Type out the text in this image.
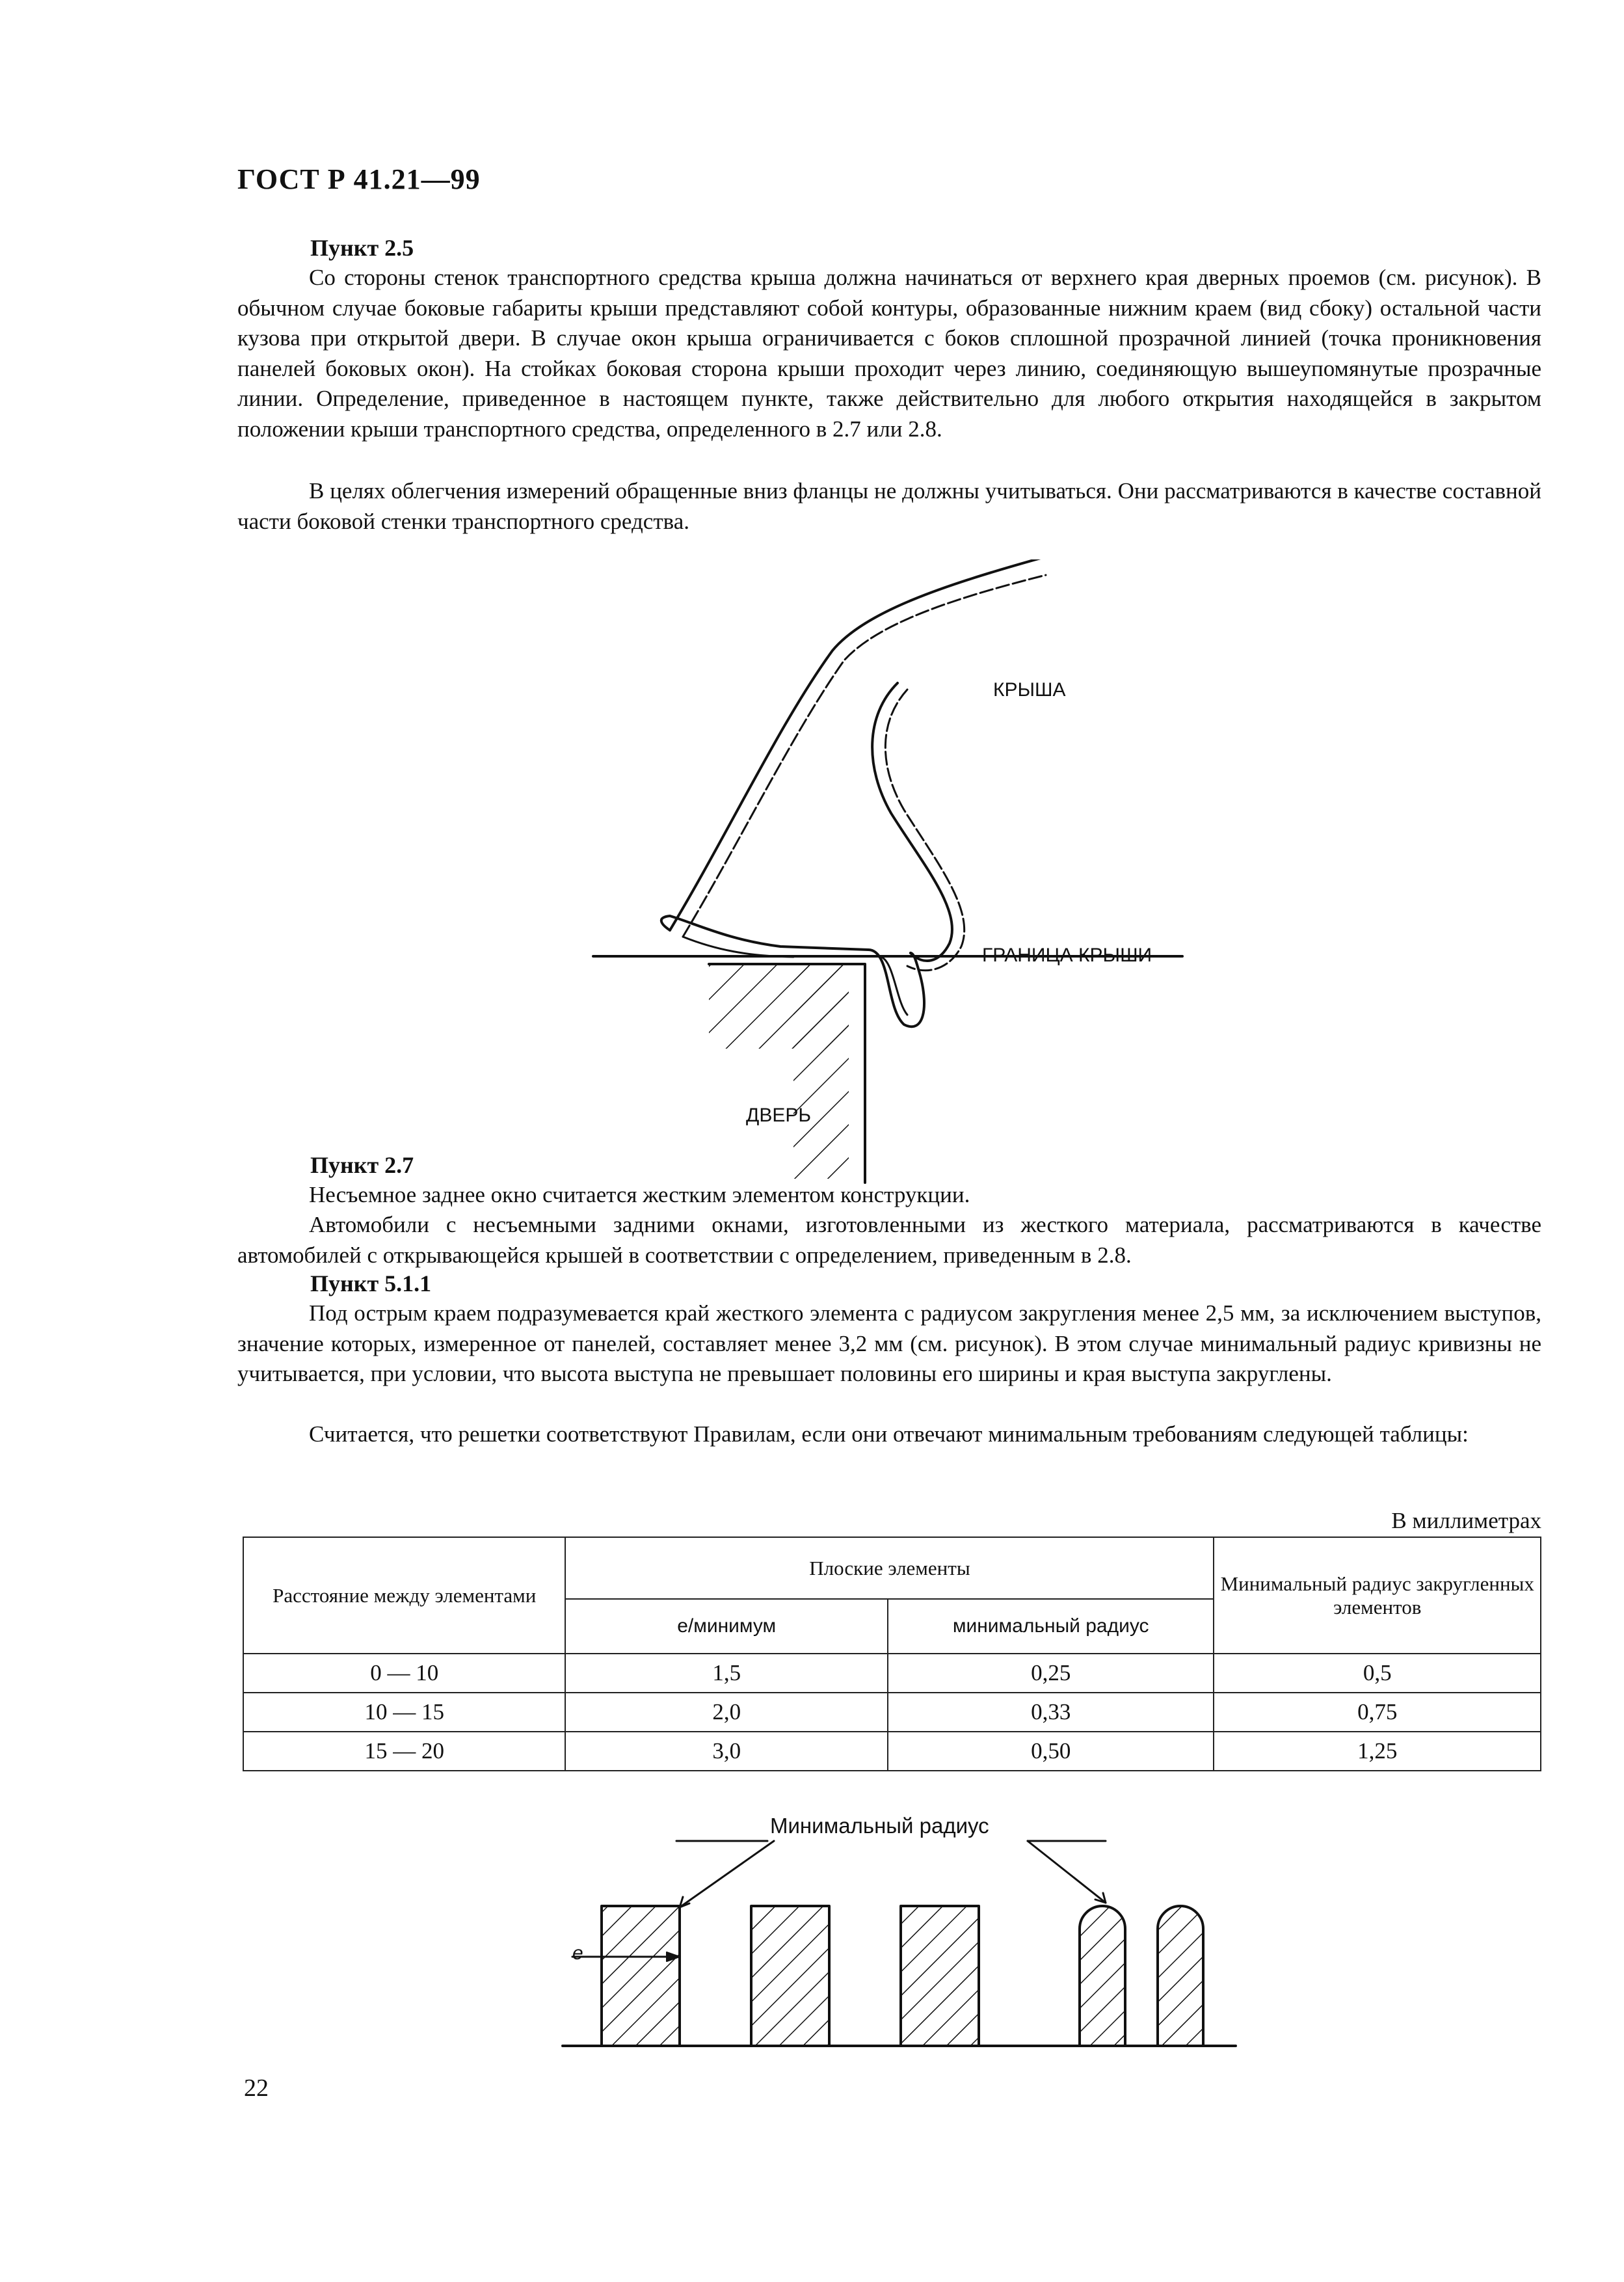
ГОСТ Р 41.21—99
Пункт 2.5
Со стороны стенок транспортного средства крыша должна начинаться от верхнего края дверных проемов (см. рисунок). В обычном случае боковые габариты крыши представляют собой контуры, образованные нижним краем (вид сбоку) остальной части кузова при открытой двери. В случае окон крыша ограничивается с боков сплошной прозрачной линией (точка проникновения панелей боковых окон). На стойках боковая сторона крыши проходит через линию, соединяющую вышеупомянутые прозрачные линии. Определение, приведенное в настоящем пункте, также действительно для любого открытия находящейся в закрытом положении крыши транспортного средства, определенного в 2.7 или 2.8.
В целях облегчения измерений обращенные вниз фланцы не должны учитываться. Они рассматриваются в качестве составной части боковой стенки транспортного средства.
КРЫША
ГРАНИЦА КРЫШИ
ДВЕРЬ
Пункт 2.7
Несъемное заднее окно считается жестким элементом конструкции.
Автомобили с несъемными задними окнами, изготовленными из жесткого материала, рассматриваются в качестве автомобилей с открывающейся крышей в соответствии с определением, приведенным в 2.8.
Пункт 5.1.1
Под острым краем подразумевается край жесткого элемента с радиусом закругления менее 2,5 мм, за исключением выступов, значение которых, измеренное от панелей, составляет менее 3,2 мм (см. рисунок). В этом случае минимальный радиус кривизны не учитывается, при условии, что высота выступа не превышает половины его ширины и края выступа закруглены.
Считается, что решетки соответствуют Правилам, если они отвечают минимальным требованиям следующей таблицы:
В миллиметрах
Расстояние между элементами	Плоские элементы		Минимальный радиус закругленных элементов
	e/минимум	минимальный радиус	
0 — 10	1,5	0,25	0,5
10 — 15	2,0	0,33	0,75
15 — 20	3,0	0,50	1,25
Минимальный радиус
e
22
